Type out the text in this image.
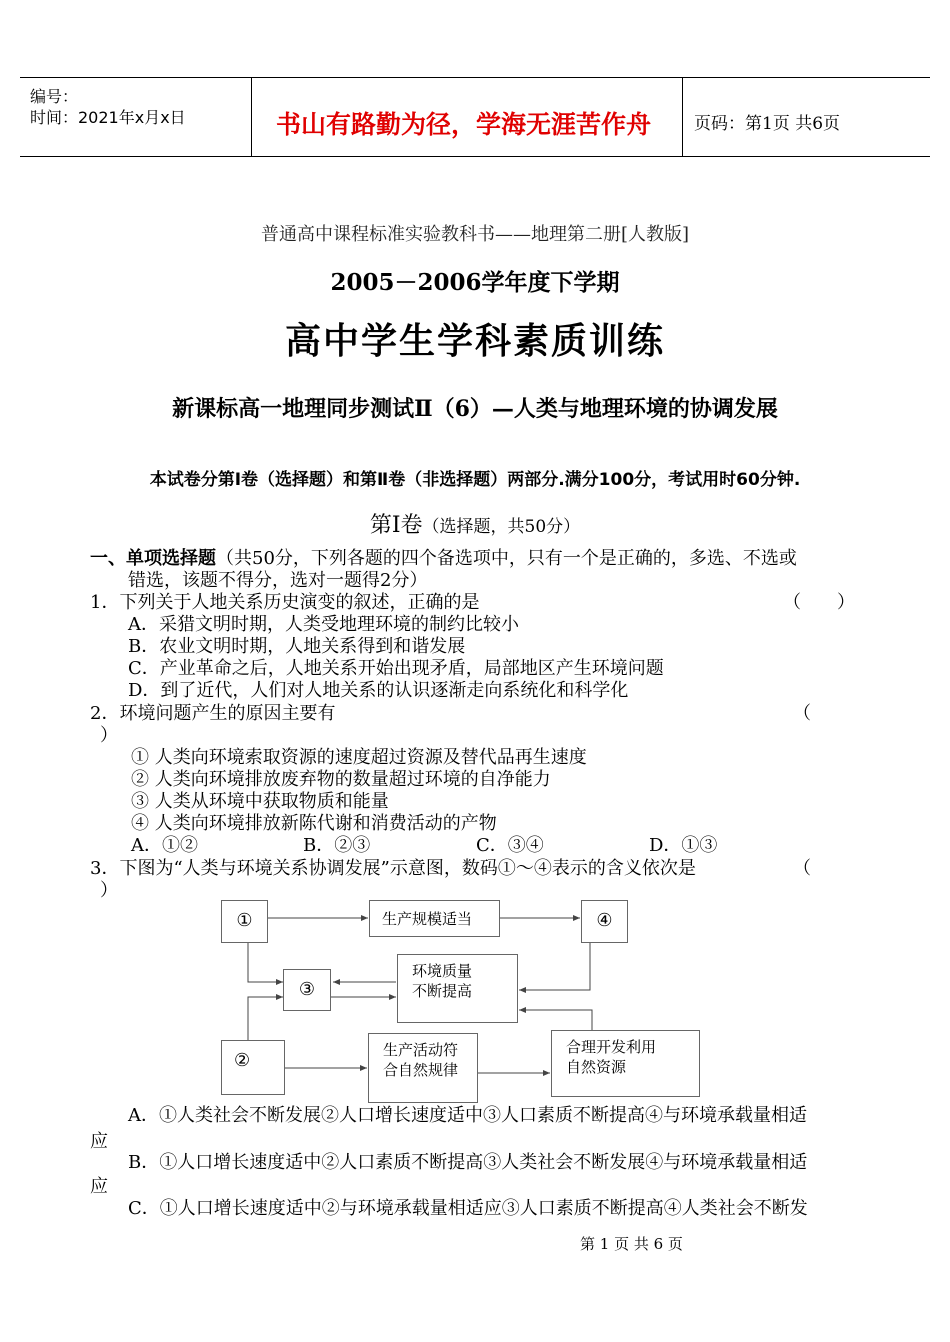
编号：
时间：2021年x月x日	书山有路勤为径，学海无涯苦作舟	页码：第1页 共6页
普通高中课程标准实验教科书——地理第二册[人教版]
2005－2006学年度下学期
高中学生学科素质训练
新课标高一地理同步测试Ⅱ（6）—人类与地理环境的协调发展
本试卷分第Ⅰ卷（选择题）和第Ⅱ卷（非选择题）两部分.满分100分，考试用时60分钟.
第Ⅰ卷（选择题，共50分）
一、单项选择题（共50分，下列各题的四个备选项中，只有一个是正确的，多选、不选或
错选，该题不得分，选对一题得2分）
1．下列关于人地关系历史演变的叙述，正确的是	（　　）
A．采猎文明时期，人类受地理环境的制约比较小
B．农业文明时期，人地关系得到和谐发展
C．产业革命之后，人地关系开始出现矛盾，局部地区产生环境问题
D．到了近代，人们对人地关系的认识逐渐走向系统化和科学化
2．环境问题产生的原因主要有	（
）
① 人类向环境索取资源的速度超过资源及替代品再生速度
② 人类向环境排放废弃物的数量超过环境的自净能力
③ 人类从环境中获取物质和能量
④ 人类向环境排放新陈代谢和消费活动的产物
A．①②	B．②③	C．③④	D．①③
3．下图为“人类与环境关系协调发展”示意图，数码①～④表示的含义依次是	（
）
①	生产规模适当	④
③
环境质量
不断提高
②	生产活动符
合自然规律
合理开发利用
自然资源
A．①人类社会不断发展②人口增长速度适中③人口素质不断提高④与环境承载量相适
应
B．①人口增长速度适中②人口素质不断提高③人类社会不断发展④与环境承载量相适
应
C．①人口增长速度适中②与环境承载量相适应③人口素质不断提高④人类社会不断发
第 1 页 共 6 页
